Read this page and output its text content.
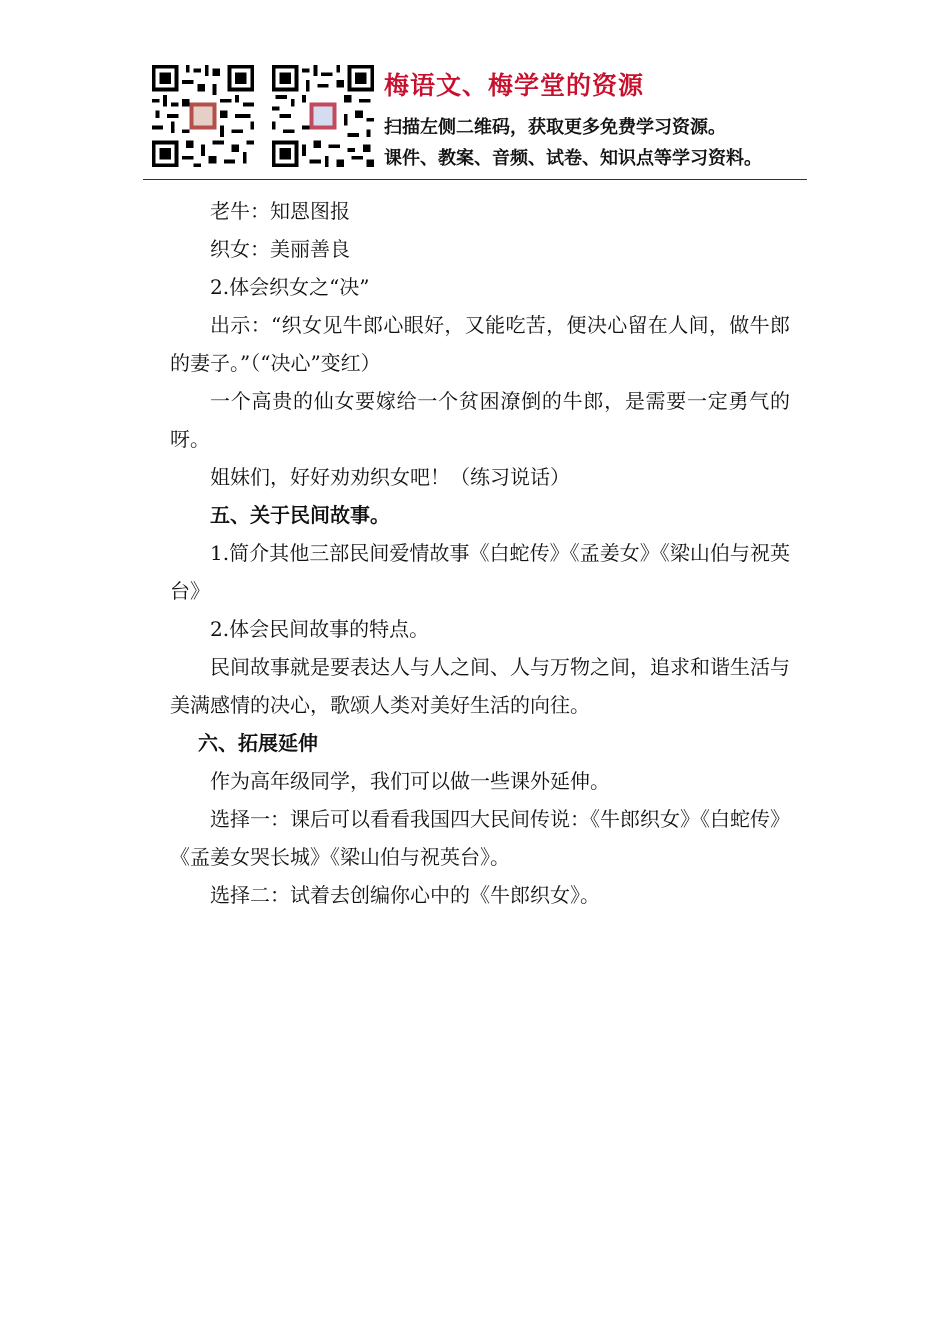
梅语文、梅学堂的资源
扫描左侧二维码，获取更多免费学习资源。
课件、教案、音频、试卷、知识点等学习资料。

老牛：知恩图报

织女：美丽善良

2.体会织女之“决”

出示：“织女见牛郎心眼好，又能吃苦，便决心留在人间，做牛郎的妻子。”（“决心”变红）

一个高贵的仙女要嫁给一个贫困潦倒的牛郎，是需要一定勇气的呀。

姐妹们，好好劝劝织女吧！（练习说话）

五、关于民间故事。

1.简介其他三部民间爱情故事《白蛇传》《孟姜女》《梁山伯与祝英台》

2.体会民间故事的特点。

民间故事就是要表达人与人之间、人与万物之间，追求和谐生活与美满感情的决心，歌颂人类对美好生活的向往。

六、拓展延伸

作为高年级同学，我们可以做一些课外延伸。

选择一：课后可以看看我国四大民间传说：《牛郎织女》《白蛇传》《孟姜女哭长城》《梁山伯与祝英台》。

选择二：试着去创编你心中的《牛郎织女》。
